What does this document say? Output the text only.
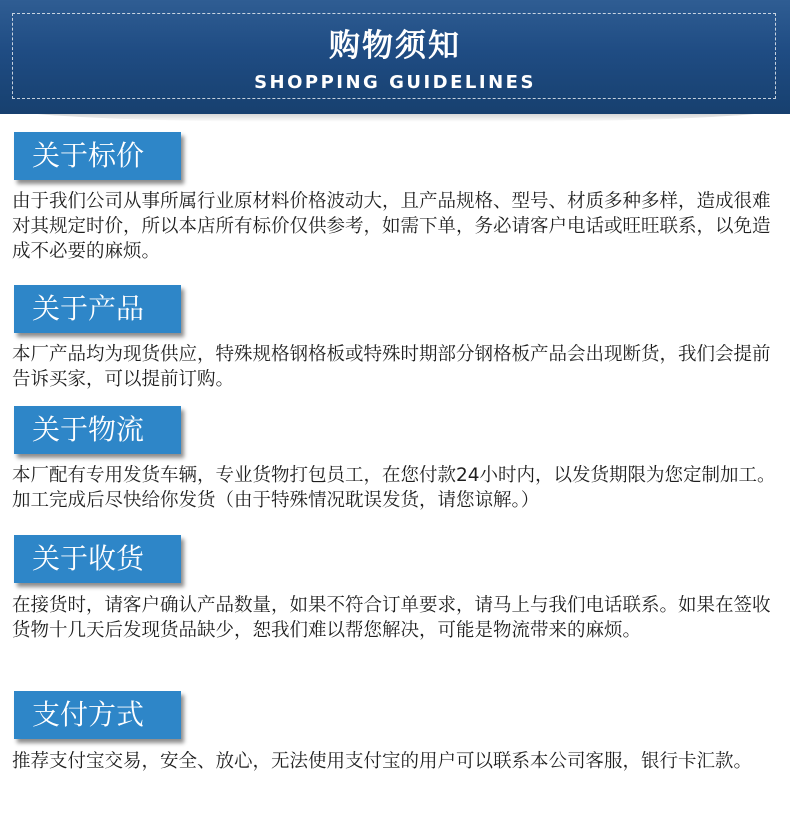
购物须知
SHOPPING GUIDELINES
关于标价

由于我们公司从事所属行业原材料价格波动大，且产品规格、型号、材质多种多样，造成很难对其规定时价，所以本店所有标价仅供参考，如需下单，务必请客户电话或旺旺联系，以免造成不必要的麻烦。

关于产品

本厂产品均为现货供应，特殊规格钢格板或特殊时期部分钢格板产品会出现断货，我们会提前告诉买家，可以提前订购。

关于物流

本厂配有专用发货车辆，专业货物打包员工，在您付款24小时内，以发货期限为您定制加工。加工完成后尽快给你发货（由于特殊情况耽误发货，请您谅解。）

关于收货

在接货时，请客户确认产品数量，如果不符合订单要求，请马上与我们电话联系。如果在签收货物十几天后发现货品缺少，恕我们难以帮您解决，可能是物流带来的麻烦。

支付方式

推荐支付宝交易，安全、放心，无法使用支付宝的用户可以联系本公司客服，银行卡汇款。
